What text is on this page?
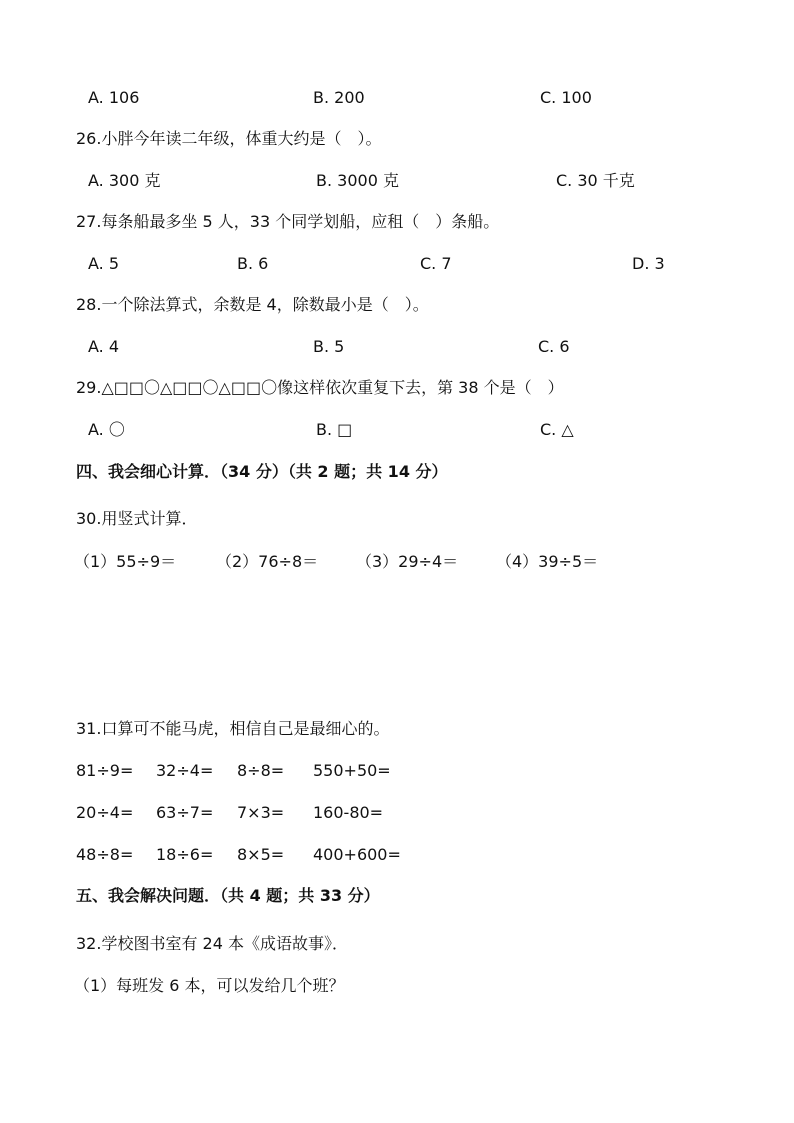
A. 106	B. 200	C. 100
26.小胖今年读二年级，体重大约是（　）。
A. 300 克	B. 3000 克	C. 30 千克
27.每条船最多坐 5 人，33 个同学划船，应租（　）条船。
A. 5	B. 6	C. 7	D. 3
28.一个除法算式，余数是 4，除数最小是（　）。
A. 4	B. 5	C. 6
29.△□□〇△□□〇△□□〇像这样依次重复下去，第 38 个是（　）
A. 〇	B. □	C. △
四、我会细心计算．（34 分）（共 2 题；共 14 分）
30.用竖式计算．
（1）55÷9＝ （2）76÷8＝ （3）29÷4＝ （4）39÷5＝
31.口算可不能马虎，相信自己是最细心的。
81÷9= 32÷4= 8÷8= 550+50=
20÷4= 63÷7= 7×3= 160-80=
48÷8= 18÷6= 8×5= 400+600=
五、我会解决问题．（共 4 题；共 33 分）
32.学校图书室有 24 本《成语故事》．
（1）每班发 6 本，可以发给几个班？
